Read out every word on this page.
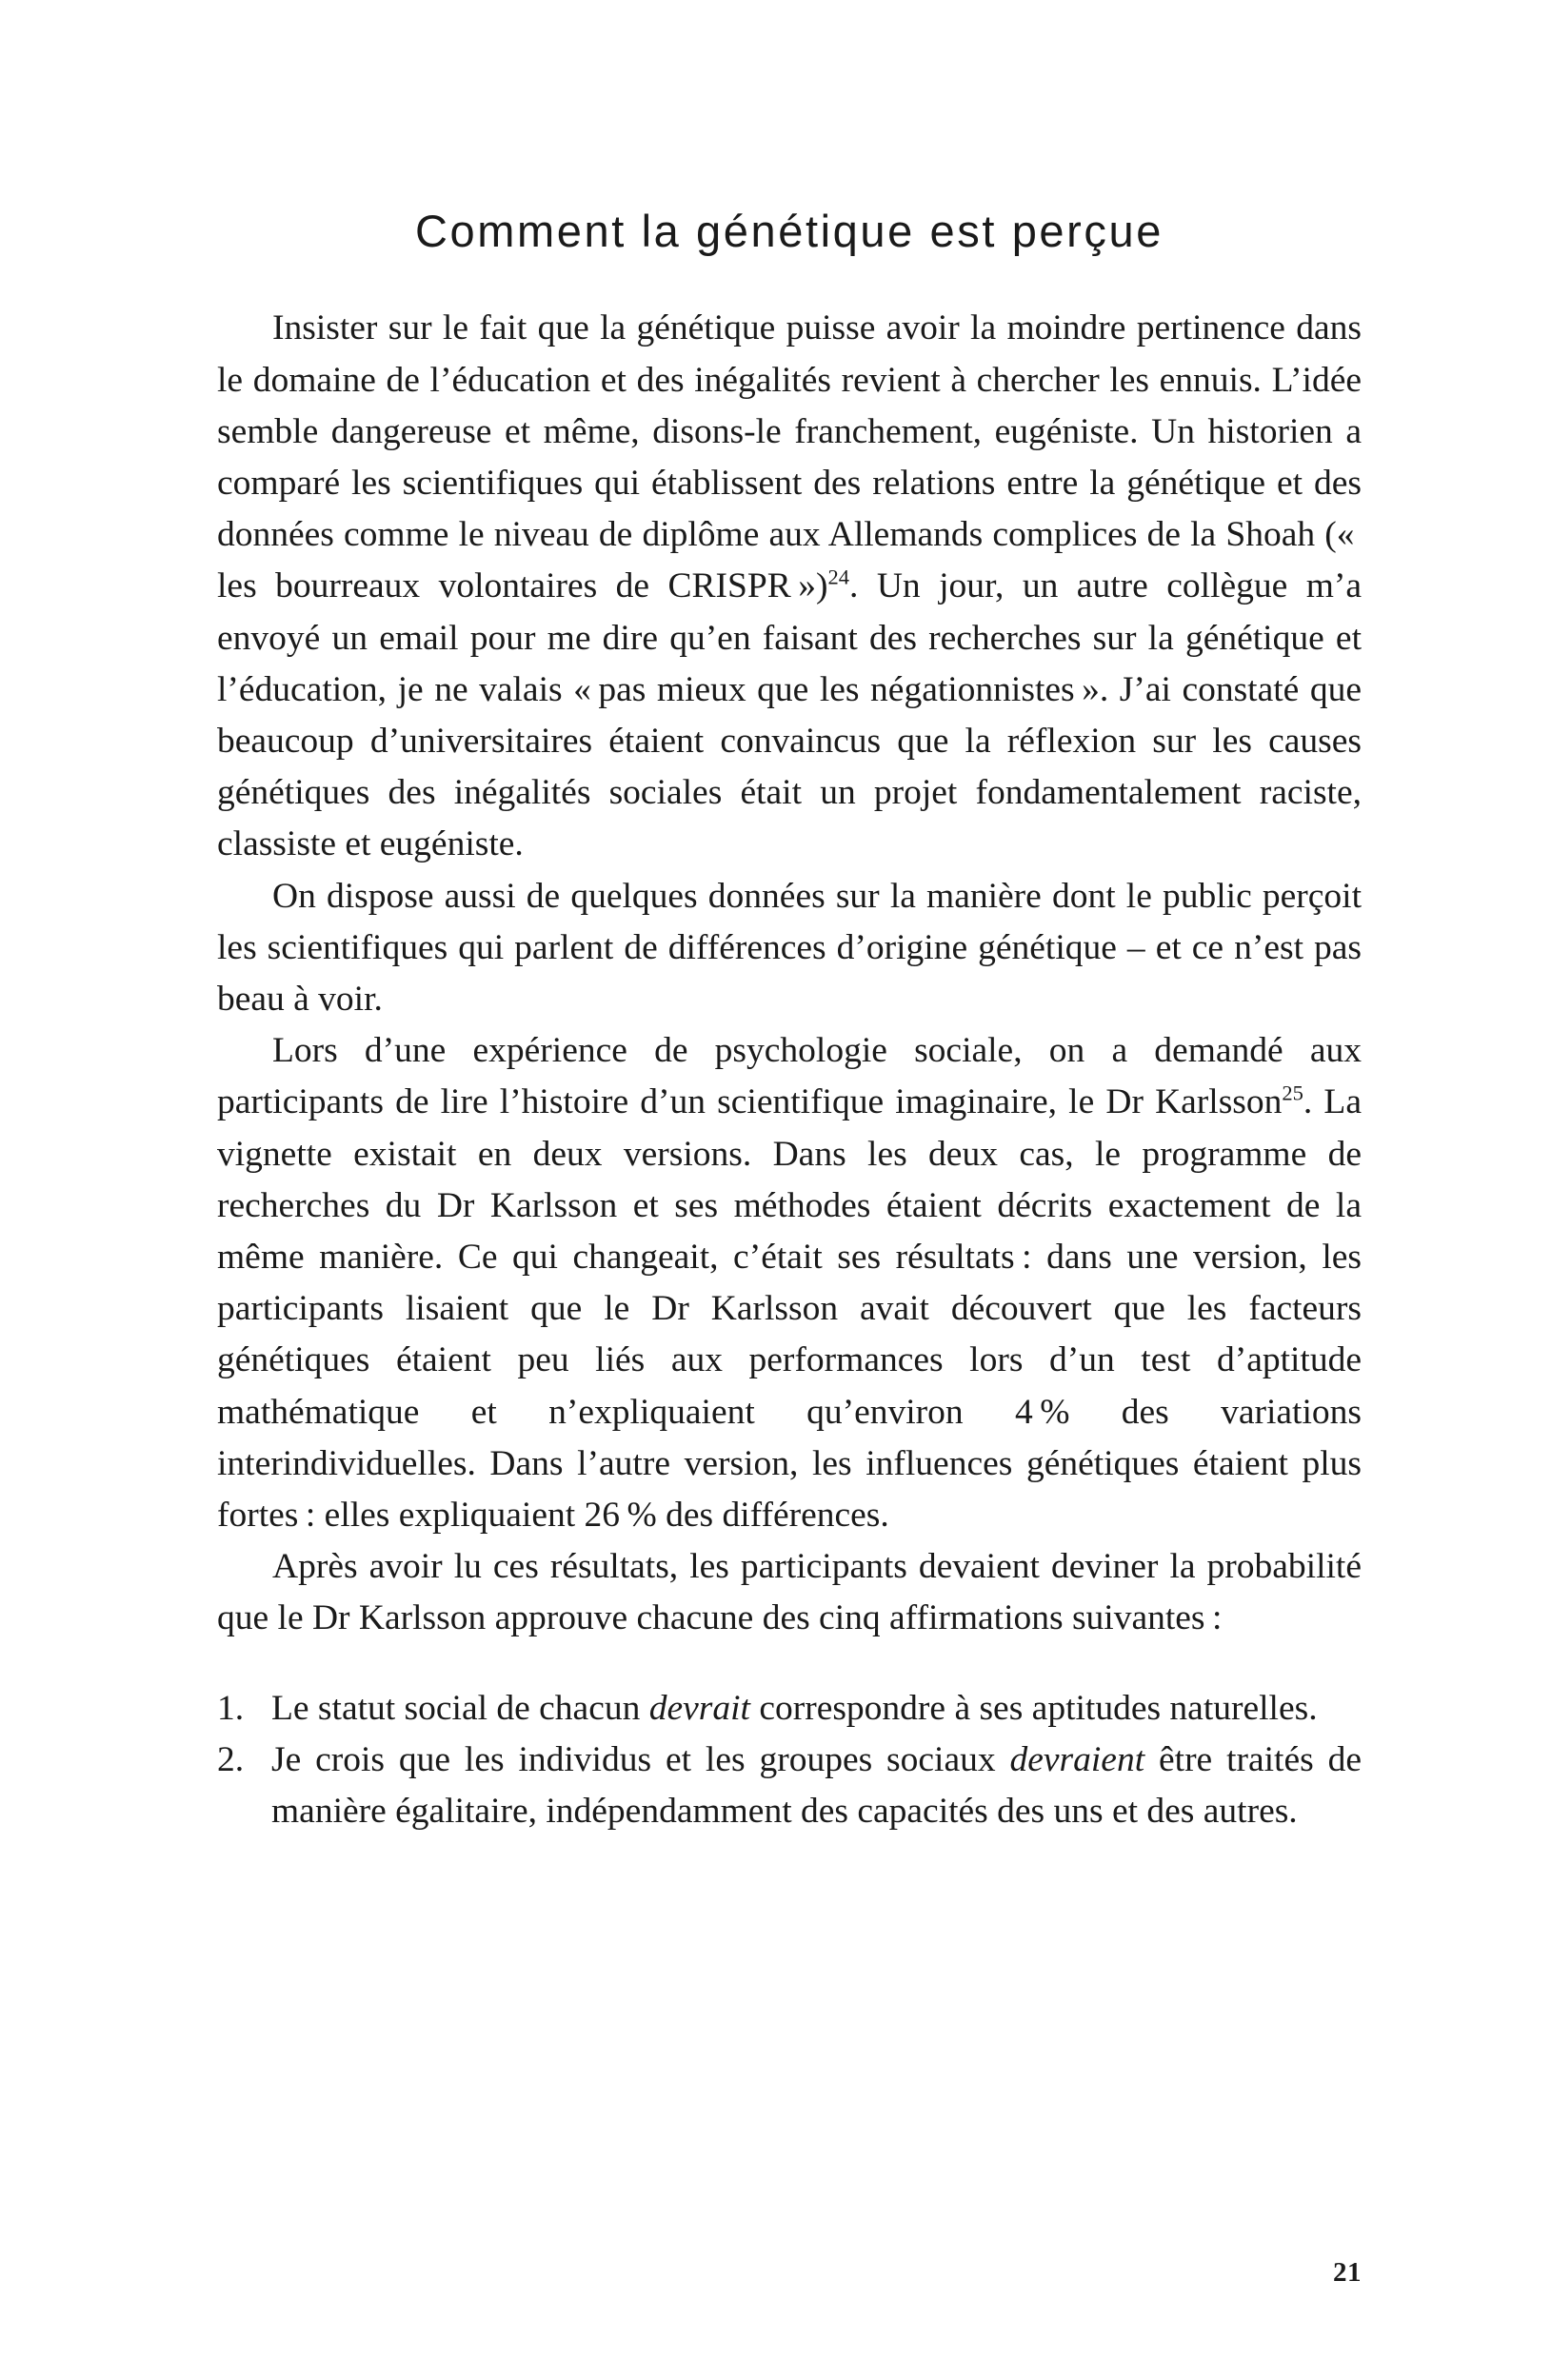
Comment la génétique est perçue

Insister sur le fait que la génétique puisse avoir la moindre pertinence dans le domaine de l’éducation et des inégalités revient à chercher les ennuis. L’idée semble dangereuse et même, disons-le franchement, eugéniste. Un historien a comparé les scientifiques qui établissent des relations entre la génétique et des données comme le niveau de diplôme aux Allemands complices de la Shoah (« les bourreaux volontaires de CRISPR »)$^{24}$. Un jour, un autre collègue m’a envoyé un email pour me dire qu’en faisant des recherches sur la génétique et l’éducation, je ne valais « pas mieux que les négationnistes ». J’ai constaté que beaucoup d’universitaires étaient convaincus que la réflexion sur les causes génétiques des inégalités sociales était un projet fondamentalement raciste, classiste et eugéniste.

On dispose aussi de quelques données sur la manière dont le public perçoit les scientifiques qui parlent de différences d’origine génétique – et ce n’est pas beau à voir.

Lors d’une expérience de psychologie sociale, on a demandé aux participants de lire l’histoire d’un scientifique imaginaire, le Dr Karlsson$^{25}$. La vignette existait en deux versions. Dans les deux cas, le programme de recherches du Dr Karlsson et ses méthodes étaient décrits exactement de la même manière. Ce qui changeait, c’était ses résultats : dans une version, les participants lisaient que le Dr Karlsson avait découvert que les facteurs génétiques étaient peu liés aux performances lors d’un test d’aptitude mathématique et n’expliquaient qu’environ 4 % des variations interindividuelles. Dans l’autre version, les influences génétiques étaient plus fortes : elles expliquaient 26 % des différences.

Après avoir lu ces résultats, les participants devaient deviner la probabilité que le Dr Karlsson approuve chacune des cinq affirmations suivantes :

Le statut social de chacun devrait correspondre à ses aptitudes naturelles.
Je crois que les individus et les groupes sociaux devraient être traités de manière égalitaire, indépendamment des capacités des uns et des autres.
21
